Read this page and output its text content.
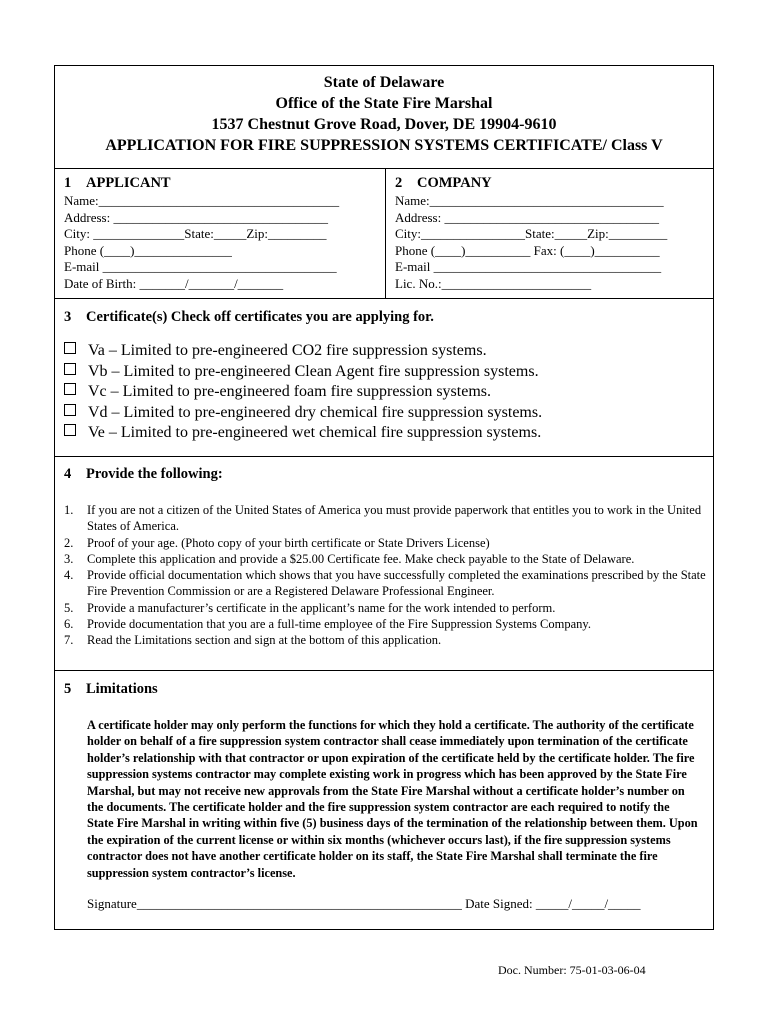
State of Delaware
Office of the State Fire Marshal
1537 Chestnut Grove Road, Dover, DE 19904-9610
APPLICATION FOR FIRE SUPPRESSION SYSTEMS CERTIFICATE/ Class V
1 APPLICANT
Name:_____________________________________
Address: _________________________________
City: ______________State:_____Zip:_________
Phone (____)_______________
E-mail ____________________________________
Date of Birth: _______/_______/_______
2 COMPANY
Name:____________________________________
Address: _________________________________
City:________________State:_____Zip:_________
Phone (____)__________ Fax: (____)__________
E-mail ___________________________________
Lic. No.:_______________________
3 Certificate(s) Check off certificates you are applying for.
Va – Limited to pre-engineered CO2 fire suppression systems.
Vb – Limited to pre-engineered Clean Agent fire suppression systems.
Vc – Limited to pre-engineered foam fire suppression systems.
Vd – Limited to pre-engineered dry chemical fire suppression systems.
Ve – Limited to pre-engineered wet chemical fire suppression systems.
4 Provide the following:
1. If you are not a citizen of the United States of America you must provide paperwork that entitles you to work in the United States of America.
2. Proof of your age. (Photo copy of your birth certificate or State Drivers License)
3. Complete this application and provide a $25.00 Certificate fee. Make check payable to the State of Delaware.
4. Provide official documentation which shows that you have successfully completed the examinations prescribed by the State Fire Prevention Commission or are a Registered Delaware Professional Engineer.
5. Provide a manufacturer’s certificate in the applicant’s name for the work intended to perform.
6. Provide documentation that you are a full-time employee of the Fire Suppression Systems Company.
7. Read the Limitations section and sign at the bottom of this application.
5 Limitations
A certificate holder may only perform the functions for which they hold a certificate. The authority of the certificate holder on behalf of a fire suppression system contractor shall cease immediately upon termination of the certificate holder’s relationship with that contractor or upon expiration of the certificate held by the certificate holder. The fire suppression systems contractor may complete existing work in progress which has been approved by the State Fire Marshal, but may not receive new approvals from the State Fire Marshal without a certificate holder’s number on the documents. The certificate holder and the fire suppression system contractor are each required to notify the State Fire Marshal in writing within five (5) business days of the termination of the relationship between them. Upon the expiration of the current license or within six months (whichever occurs last), if the fire suppression systems contractor does not have another certificate holder on its staff, the State Fire Marshal shall terminate the fire suppression system contractor’s license.
Signature__________________________________________________ Date Signed: _____/_____/_____
Doc. Number: 75-01-03-06-04
